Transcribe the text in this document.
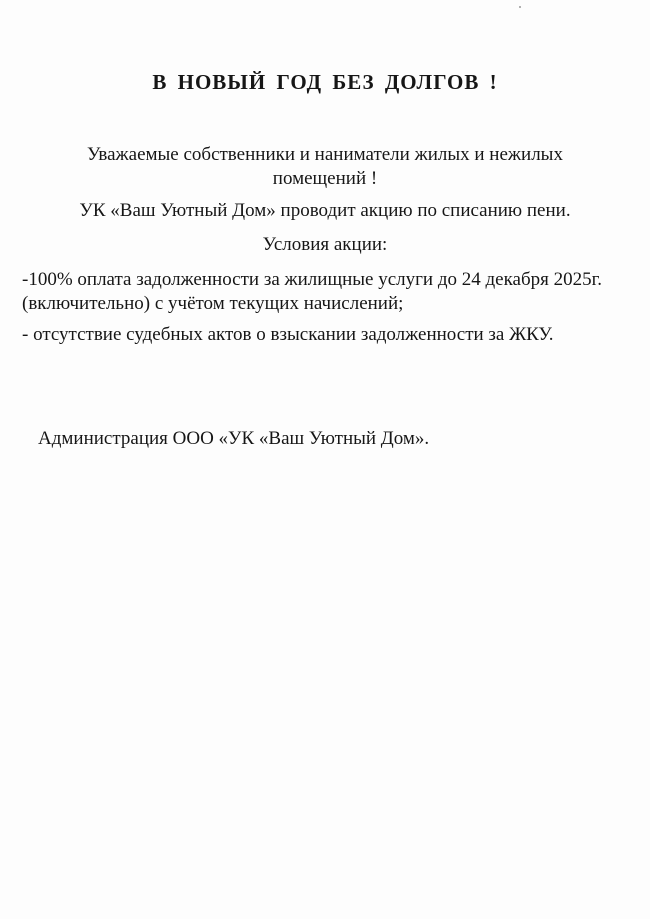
В НОВЫЙ ГОД БЕЗ ДОЛГОВ !
Уважаемые собственники и наниматели жилых и нежилых помещений !
УК «Ваш Уютный Дом» проводит акцию по списанию пени.
Условия акции:
-100% оплата задолженности за жилищные услуги до 24 декабря 2025г. (включительно) с учётом текущих начислений;
- отсутствие судебных актов о взыскании задолженности за ЖКУ.
Администрация ООО «УК «Ваш Уютный Дом».
